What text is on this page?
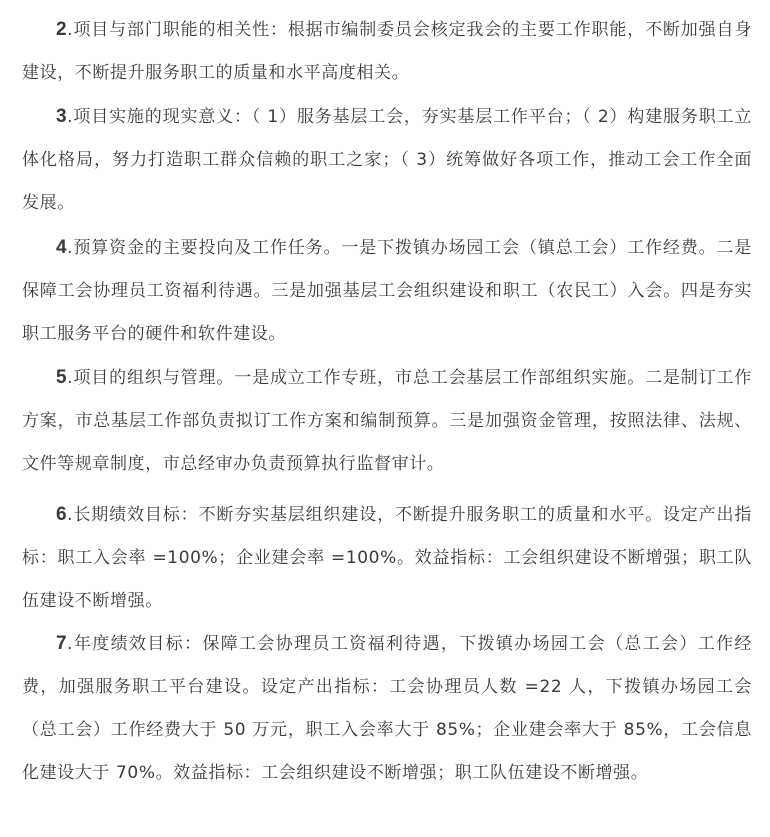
2.项目与部门职能的相关性：根据市编制委员会核定我会的主要工作职能，不断加强自身建设，不断提升服务职工的质量和水平高度相关。

3.项目实施的现实意义：（ 1）服务基层工会，夯实基层工作平台；（ 2）构建服务职工立体化格局，努力打造职工群众信赖的职工之家；（ 3）统筹做好各项工作，推动工会工作全面发展。

4.预算资金的主要投向及工作任务。一是下拨镇办场园工会（镇总工会）工作经费。二是保障工会协理员工资福利待遇。三是加强基层工会组织建设和职工（农民工）入会。四是夯实职工服务平台的硬件和软件建设。

5.项目的组织与管理。一是成立工作专班，市总工会基层工作部组织实施。二是制订工作方案，市总基层工作部负责拟订工作方案和编制预算。三是加强资金管理，按照法律、法规、文件等规章制度，市总经审办负责预算执行监督审计。

6.长期绩效目标：不断夯实基层组织建设，不断提升服务职工的质量和水平。设定产出指标：职工入会率 =100%；企业建会率 =100%。效益指标：工会组织建设不断增强；职工队伍建设不断增强。

7.年度绩效目标：保障工会协理员工资福利待遇，下拨镇办场园工会（总工会）工作经费，加强服务职工平台建设。设定产出指标：工会协理员人数 =22 人，下拨镇办场园工会（总工会）工作经费大于 50 万元，职工入会率大于 85%；企业建会率大于 85%，工会信息化建设大于 70%。效益指标：工会组织建设不断增强；职工队伍建设不断增强。
